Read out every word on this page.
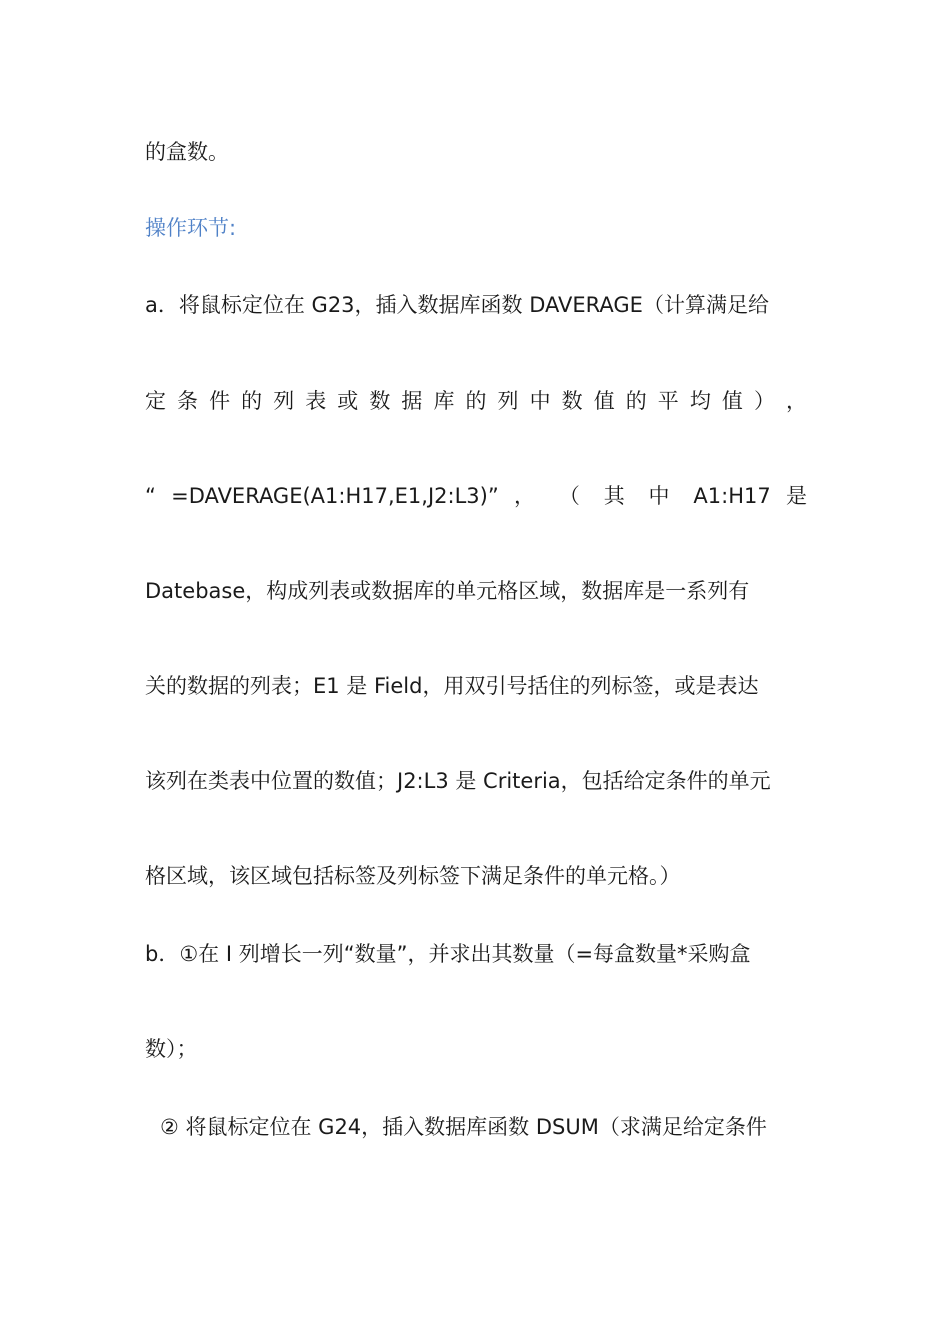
的盒数。
操作环节:
a．将鼠标定位在 G23，插入数据库函数 DAVERAGE（计算满足给
定 条 件 的 列 表 或 数 据 库 的 列 中 数 值 的 平 均 值 ） ，
“ =DAVERAGE(A1:H17,E1,J2:L3)” ， （ 其 中 A1:H17 是
Datebase，构成列表或数据库的单元格区域，数据库是一系列有
关的数据的列表；E1 是 Field，用双引号括住的列标签，或是表达
该列在类表中位置的数值；J2:L3 是 Criteria，包括给定条件的单元
格区域，该区域包括标签及列标签下满足条件的单元格。）
b．①在 I 列增长一列“数量”，并求出其数量（=每盒数量*采购盒
数）；
② 将鼠标定位在 G24，插入数据库函数 DSUM（求满足给定条件
